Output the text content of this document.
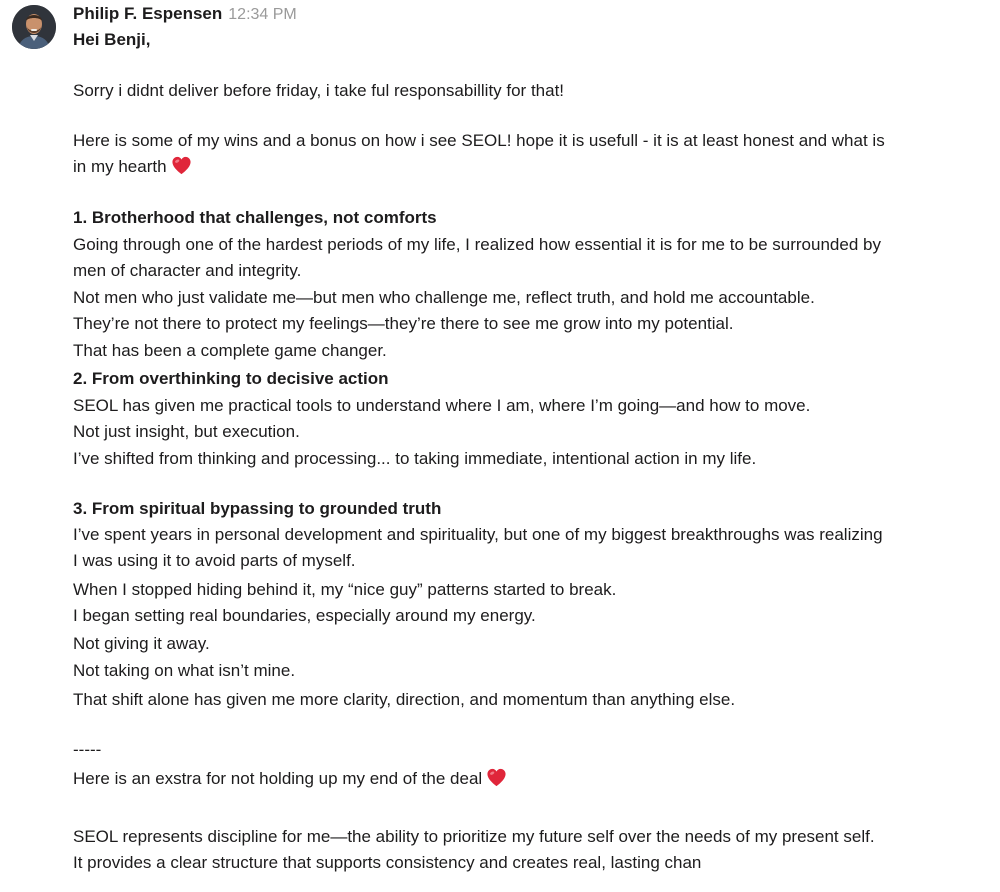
Philip F. Espensen 12:34 PM
Hei Benji,
Sorry i didnt deliver before friday, i take ful responsabillity for that!
Here is some of my wins and a bonus on how i see SEOL! hope it is usefull - it is at least honest and what is
in my hearth
1. Brotherhood that challenges, not comforts
Going through one of the hardest periods of my life, I realized how essential it is for me to be surrounded by
men of character and integrity.
Not men who just validate me—but men who challenge me, reflect truth, and hold me accountable.
They’re not there to protect my feelings—they’re there to see me grow into my potential.
That has been a complete game changer.
2. From overthinking to decisive action
SEOL has given me practical tools to understand where I am, where I’m going—and how to move.
Not just insight, but execution.
I’ve shifted from thinking and processing... to taking immediate, intentional action in my life.
3. From spiritual bypassing to grounded truth
I’ve spent years in personal development and spirituality, but one of my biggest breakthroughs was realizing
I was using it to avoid parts of myself.
When I stopped hiding behind it, my “nice guy” patterns started to break.
I began setting real boundaries, especially around my energy.
Not giving it away.
Not taking on what isn’t mine.
That shift alone has given me more clarity, direction, and momentum than anything else.
-----
Here is an exstra for not holding up my end of the deal
SEOL represents discipline for me—the ability to prioritize my future self over the needs of my present self.
It provides a clear structure that supports consistency and creates real, lasting chan
